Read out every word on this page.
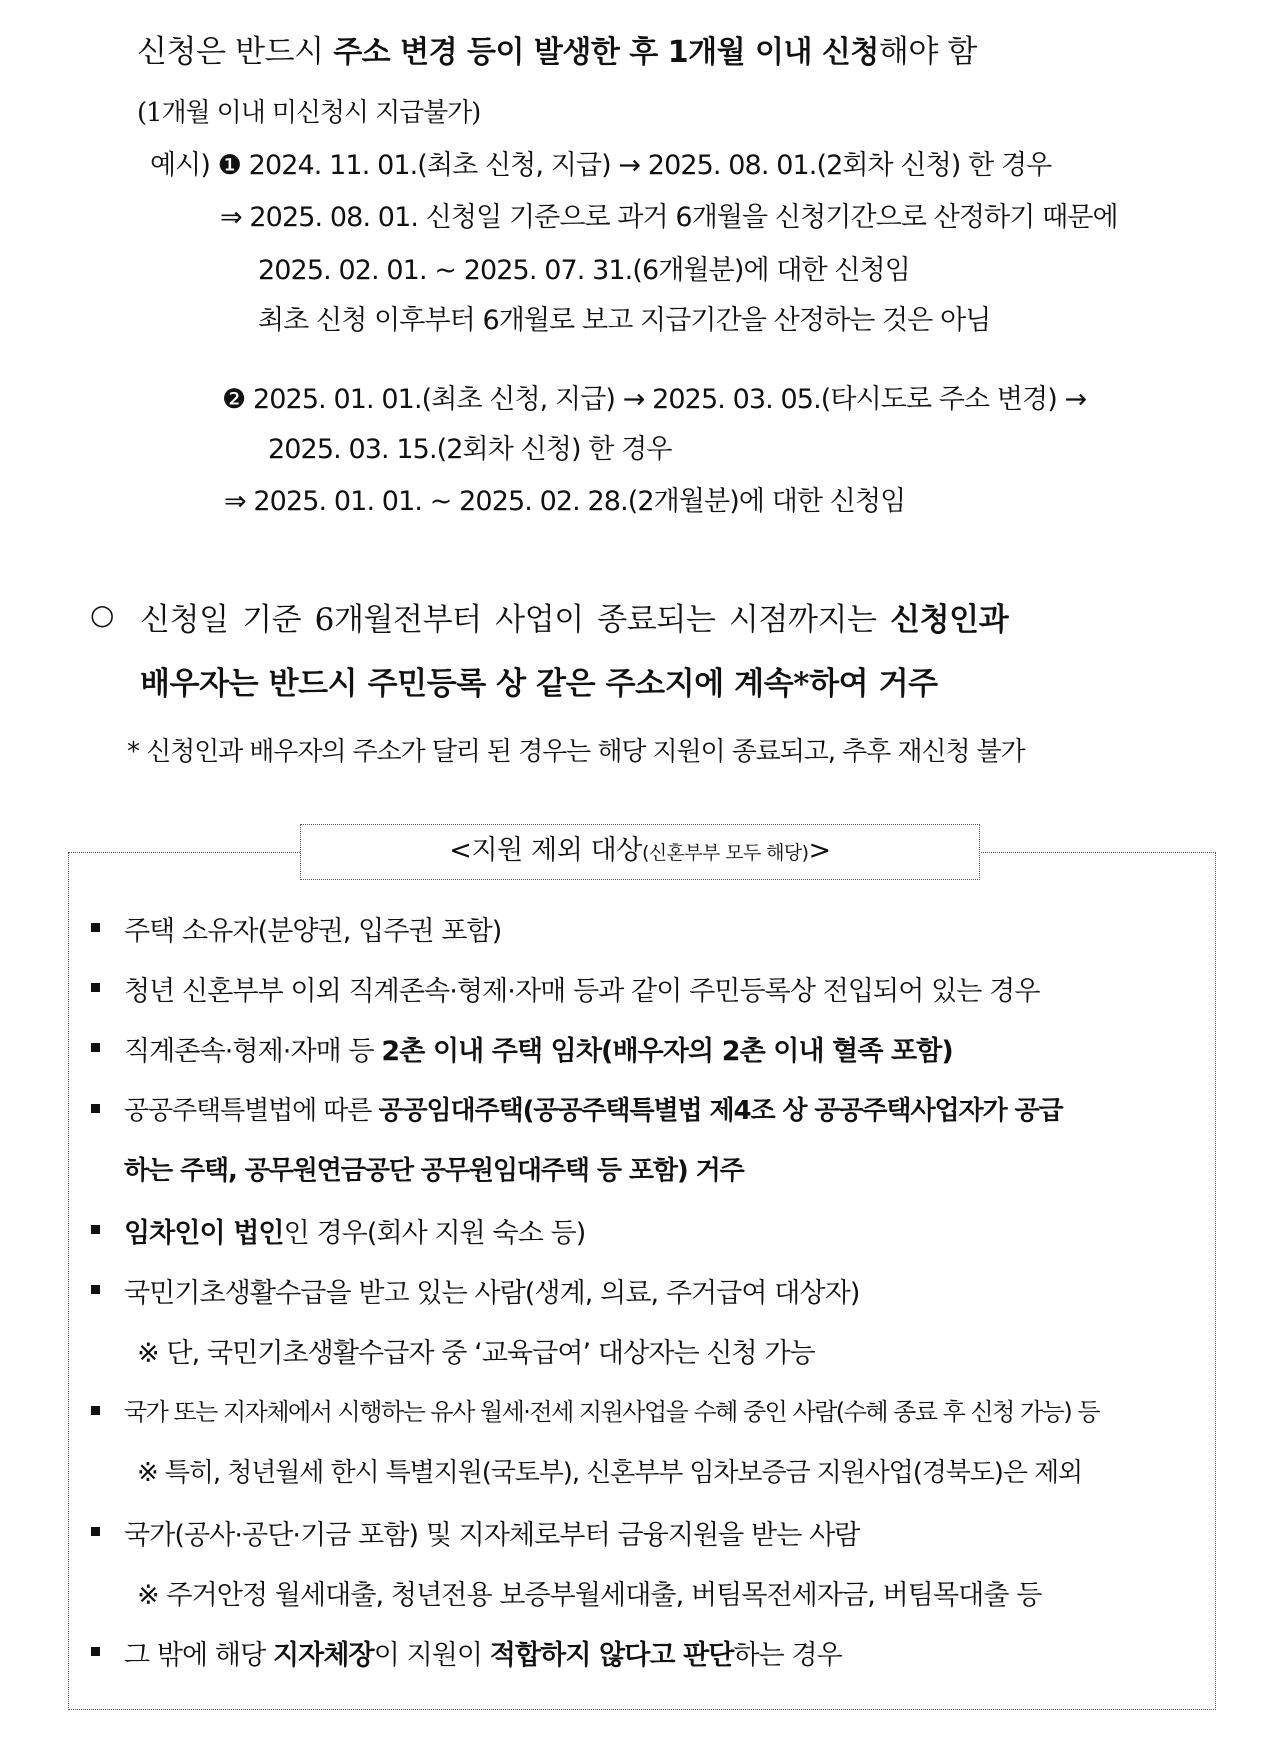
신청은 반드시 주소 변경 등이 발생한 후 1개월 이내 신청해야 함
(1개월 이내 미신청시 지급불가)
예시) ❶ 2024. 11. 01.(최초 신청, 지급) → 2025. 08. 01.(2회차 신청) 한 경우
⇒ 2025. 08. 01. 신청일 기준으로 과거 6개월을 신청기간으로 산정하기 때문에
2025. 02. 01. ~ 2025. 07. 31.(6개월분)에 대한 신청임
최초 신청 이후부터 6개월로 보고 지급기간을 산정하는 것은 아님
❷ 2025. 01. 01.(최초 신청, 지급) → 2025. 03. 05.(타시도로 주소 변경) →
2025. 03. 15.(2회차 신청) 한 경우
⇒ 2025. 01. 01. ~ 2025. 02. 28.(2개월분)에 대한 신청임
○ 신청일 기준 6개월전부터 사업이 종료되는 시점까지는 신청인과
배우자는 반드시 주민등록 상 같은 주소지에 계속*하여 거주
* 신청인과 배우자의 주소가 달리 된 경우는 해당 지원이 종료되고, 추후 재신청 불가
<지원 제외 대상(신혼부부 모두 해당)>
주택 소유자(분양권, 입주권 포함)
청년 신혼부부 이외 직계존속·형제·자매 등과 같이 주민등록상 전입되어 있는 경우
직계존속·형제·자매 등 2촌 이내 주택 임차(배우자의 2촌 이내 혈족 포함)
공공주택특별법에 따른 공공임대주택(공공주택특별법 제4조 상 공공주택사업자가 공급
하는 주택, 공무원연금공단 공무원임대주택 등 포함) 거주
임차인이 법인인 경우(회사 지원 숙소 등)
국민기초생활수급을 받고 있는 사람(생계, 의료, 주거급여 대상자)
※ 단, 국민기초생활수급자 중 ‘교육급여’ 대상자는 신청 가능
국가 또는 지자체에서 시행하는 유사 월세·전세 지원사업을 수혜 중인 사람(수혜 종료 후 신청 가능) 등
※ 특히, 청년월세 한시 특별지원(국토부), 신혼부부 임차보증금 지원사업(경북도)은 제외
국가(공사·공단·기금 포함) 및 지자체로부터 금융지원을 받는 사람
※ 주거안정 월세대출, 청년전용 보증부월세대출, 버팀목전세자금, 버팀목대출 등
그 밖에 해당 지자체장이 지원이 적합하지 않다고 판단하는 경우
